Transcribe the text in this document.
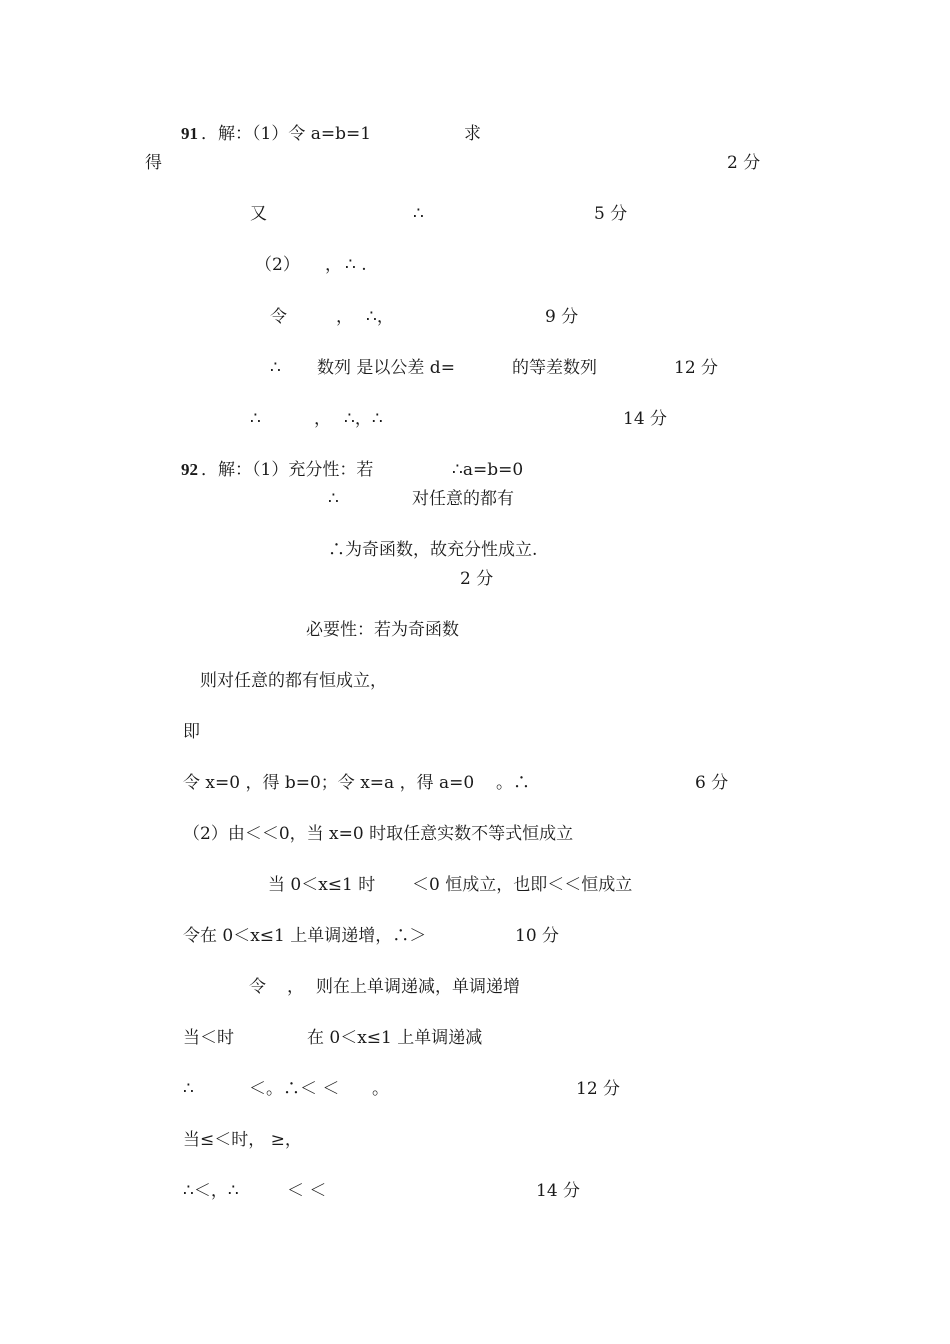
91 ．解：（1）令 a=b=1	求
得	2 分
又	∴	5 分
（2） ， ∴ .
令	， ∴，	9 分
∴ 数列 是以公差 d=	的等差数列	12 分
∴	， ∴，∴	14 分
92 ．解：（1）充分性：若	∴a=b=0
∴	对任意的都有
∴为奇函数，故充分性成立.
2 分
必要性：若为奇函数
则对任意的都有恒成立，
即
令 x=0 ，得 b=0；令 x=a ，得 a=0 。∴	6 分
（2）由＜＜0，当 x=0 时取任意实数不等式恒成立
当 0＜x≤1 时 ＜0 恒成立，也即＜＜恒成立
令在 0＜x≤1 上单调递增，∴＞	10 分
令 ， 则在上单调递减，单调递增
当＜时	在 0＜x≤1 上单调递减
∴	＜。∴＜ ＜ 。	12 分
当≤＜时， ≥，
∴＜，∴	＜ ＜	14 分
